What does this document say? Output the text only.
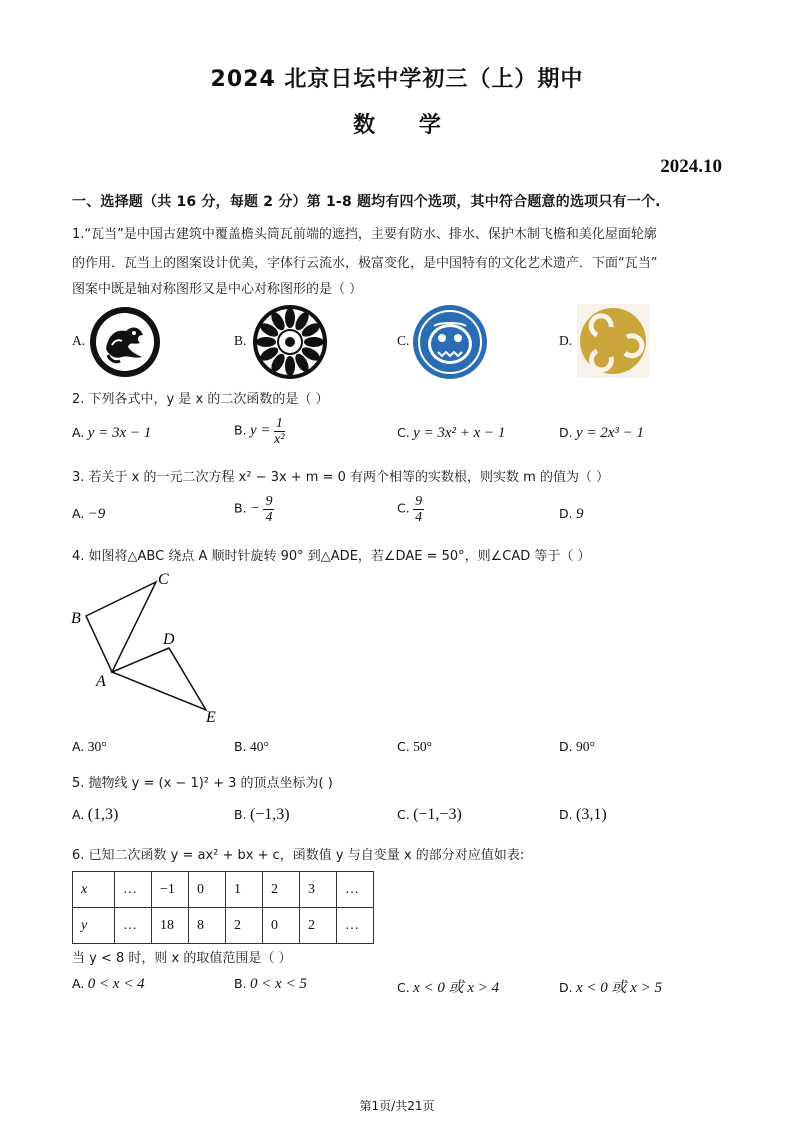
2024 北京日坛中学初三（上）期中
数 学
2024.10
一、选择题（共 16 分，每题 2 分）第 1-8 题均有四个选项，其中符合题意的选项只有一个.
1.“瓦当”是中国古建筑中覆盖檐头筒瓦前端的遮挡，主要有防水、排水、保护木制飞檐和美化屋面轮廓
的作用．瓦当上的图案设计优美，字体行云流水，极富变化，是中国特有的文化艺术遗产．下面“瓦当”
图案中既是轴对称图形又是中心对称图形的是（ ）
A.	B.	C.	D.
2. 下列各式中，y 是 x 的二次函数的是（ ）
A. y = 3x − 1	B. $y = \frac{1}{\text{x²}}$	C. y = 3x² + x − 1	D. y = 2x³ − 1
3. 若关于 x 的一元二次方程 x² − 3x + m = 0 有两个相等的实数根，则实数 m 的值为（ ）
A. −9	B. − $\frac{9}{4}$	C. $\frac{9}{4}$	D. 9
4. 如图将△ABC 绕点 A 顺时针旋转 90° 到△ADE，若∠DAE = 50°，则∠CAD 等于（ ）
B
C
D
A
E
A. 30°	B. 40°	C. 50°	D. 90°
5. 抛物线 y = (x − 1)² + 3 的顶点坐标为( )
A. (1,3)	B. (−1,3)	C. (−1,−3)	D. (3,1)
6. 已知二次函数 y = ax² + bx + c，函数值 y 与自变量 x 的部分对应值如表:
x	…	−1	0	1	2	3	…
y	…	18	8	2	0	2	…
当 y < 8 时，则 x 的取值范围是（ ）
A. 0 < x < 4	B. 0 < x < 5	C. x < 0 或 x > 4	D. x < 0 或 x > 5
第1页/共21页
